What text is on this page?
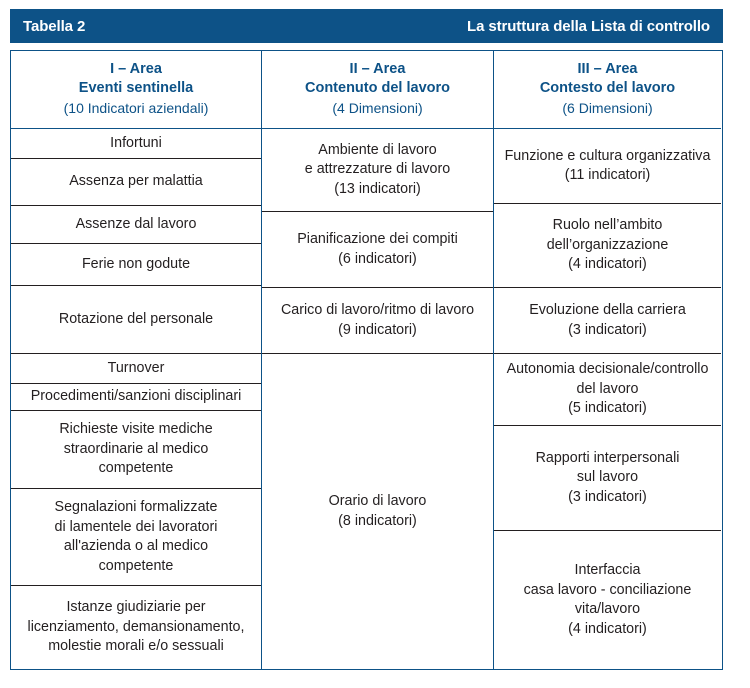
Tabella 2	La struttura della Lista di controllo
I – Area
Eventi sentinella
(10 Indicatori aziendali)
Infortuni
Assenza per malattia
Assenze dal lavoro
Ferie non godute
Rotazione del personale
Turnover
Procedimenti/sanzioni disciplinari
Richieste visite mediche
straordinarie al medico
competente
Segnalazioni formalizzate
di lamentele dei lavoratori
all'azienda o al medico
competente
Istanze giudiziarie per
licenziamento, demansionamento,
molestie morali e/o sessuali
II – Area
Contenuto del lavoro
(4 Dimensioni)
Ambiente di lavoro
e attrezzature di lavoro
(13 indicatori)
Pianificazione dei compiti
(6 indicatori)
Carico di lavoro/ritmo di lavoro
(9 indicatori)
Orario di lavoro
(8 indicatori)
III – Area
Contesto del lavoro
(6 Dimensioni)
Funzione e cultura organizzativa
(11 indicatori)
Ruolo nell’ambito
dell’organizzazione
(4 indicatori)
Evoluzione della carriera
(3 indicatori)
Autonomia decisionale/controllo
del lavoro
(5 indicatori)
Rapporti interpersonali
sul lavoro
(3 indicatori)
Interfaccia
casa lavoro - conciliazione
vita/lavoro
(4 indicatori)
